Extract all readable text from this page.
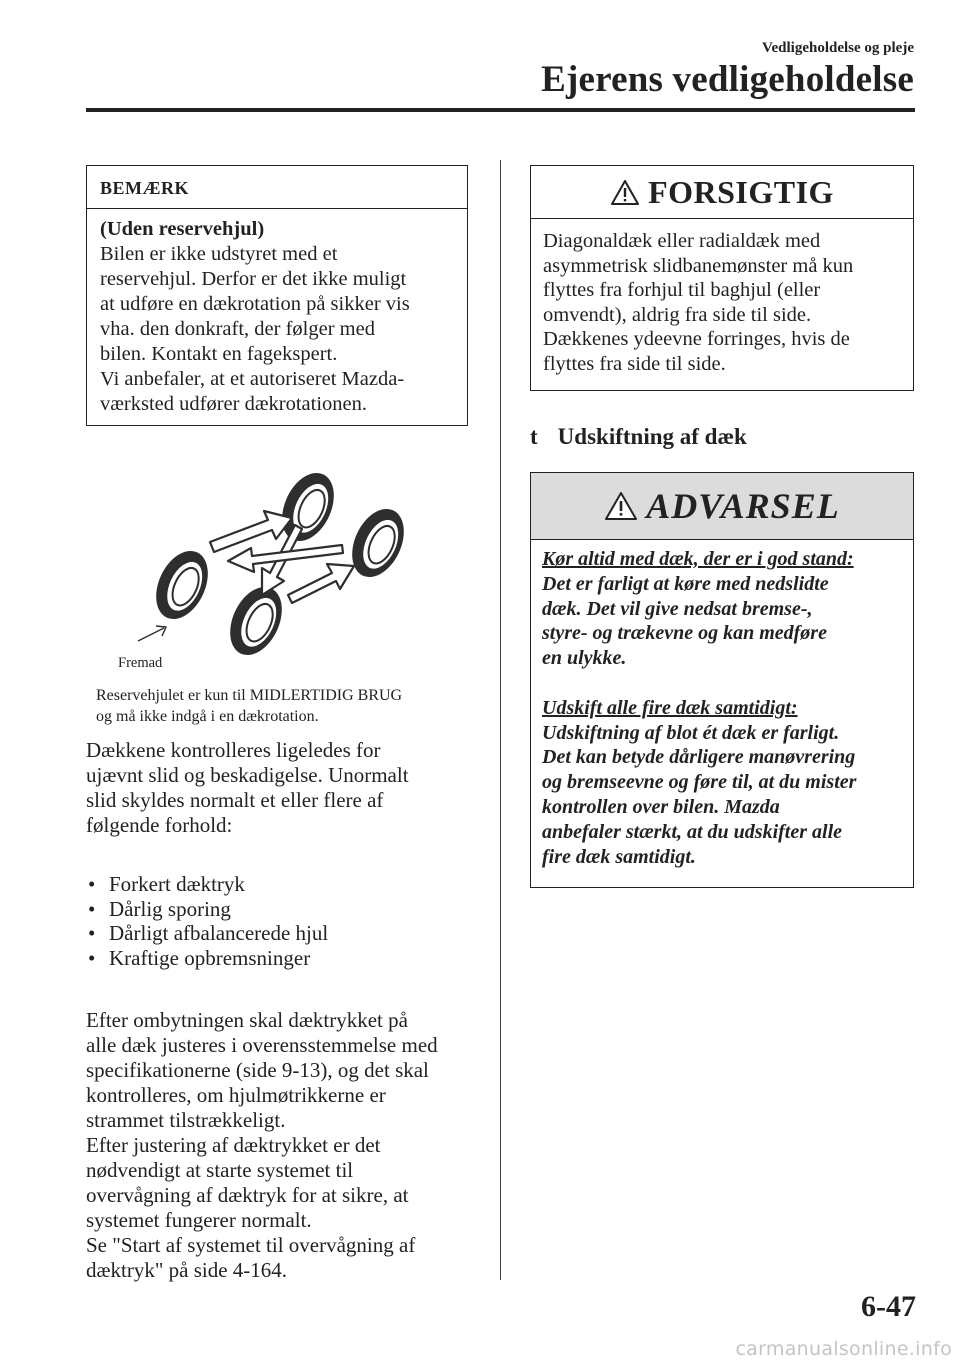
Vedligeholdelse og pleje
Ejerens vedligeholdelse
BEMÆRK
(Uden reservehjul)
Bilen er ikke udstyret med et
reservehjul. Derfor er det ikke muligt
at udføre en dækrotation på sikker vis
vha. den donkraft, der følger med
bilen. Kontakt en fagekspert.
Vi anbefaler, at et autoriseret Mazda-
værksted udfører dækrotationen.
Fremad
Reservehjulet er kun til MIDLERTIDIG BRUG
og må ikke indgå i en dækrotation.
Dækkene kontrolleres ligeledes for
ujævnt slid og beskadigelse. Unormalt
slid skyldes normalt et eller flere af
følgende forhold:
• Forkert dæktryk
• Dårlig sporing
• Dårligt afbalancerede hjul
• Kraftige opbremsninger
Efter ombytningen skal dæktrykket på
alle dæk justeres i overensstemmelse med
specifikationerne (side 9-13), og det skal
kontrolleres, om hjulmøtrikkerne er
strammet tilstrækkeligt.
Efter justering af dæktrykket er det
nødvendigt at starte systemet til
overvågning af dæktryk for at sikre, at
systemet fungerer normalt.
Se "Start af systemet til overvågning af
dæktryk" på side 4-164.
FORSIGTIG
Diagonaldæk eller radialdæk med
asymmetrisk slidbanemønster må kun
flyttes fra forhjul til baghjul (eller
omvendt), aldrig fra side til side.
Dækkenes ydeevne forringes, hvis de
flyttes fra side til side.
t Udskiftning af dæk
ADVARSEL
Kør altid med dæk, der er i god stand:
Det er farligt at køre med nedslidte
dæk. Det vil give nedsat bremse-,
styre- og trækevne og kan medføre
en ulykke.
Udskift alle fire dæk samtidigt:
Udskiftning af blot ét dæk er farligt.
Det kan betyde dårligere manøvrering
og bremseevne og føre til, at du mister
kontrollen over bilen. Mazda
anbefaler stærkt, at du udskifter alle
fire dæk samtidigt.
6-47
carmanualsonline.info
